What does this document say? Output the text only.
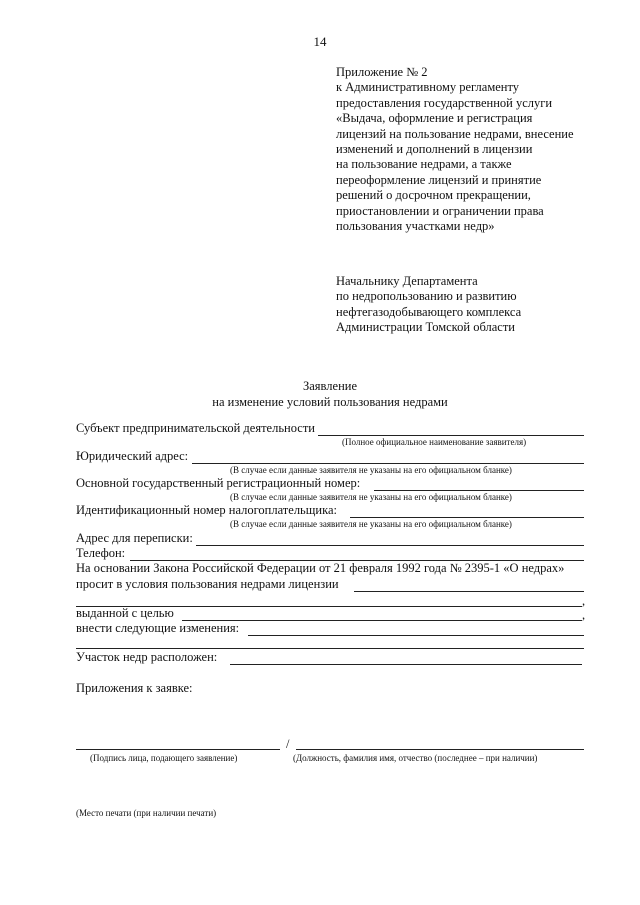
14
Приложение № 2
к Административному регламенту
предоставления государственной услуги
«Выдача, оформление и регистрация
лицензий на пользование недрами, внесение
изменений и дополнений в лицензии
на пользование недрами, а также
переоформление лицензий и принятие
решений о досрочном прекращении,
приостановлении и ограничении права
пользования участками недр»
Начальнику Департамента
по недропользованию и развитию
нефтегазодобывающего комплекса
Администрации Томской области
Заявление
на изменение условий пользования недрами
Субъект предпринимательской деятельности
(Полное официальное наименование заявителя)
Юридический адрес:
(В случае если данные заявителя не указаны на его официальном бланке)
Основной государственный регистрационный номер:
(В случае если данные заявителя не указаны на его официальном бланке)
Идентификационный номер налогоплательщика:
(В случае если данные заявителя не указаны на его официальном бланке)
Адрес для переписки:
Телефон:
На основании Закона Российской Федерации от 21 февраля 1992 года № 2395-1 «О недрах»
просит в условия пользования недрами лицензии
,
выданной с целью	,
внести следующие изменения:
Участок недр расположен:
Приложения к заявке:
/
(Подпись лица, подающего заявление)	(Должность, фамилия имя, отчество (последнее – при наличии)
(Место печати (при наличии печати)
